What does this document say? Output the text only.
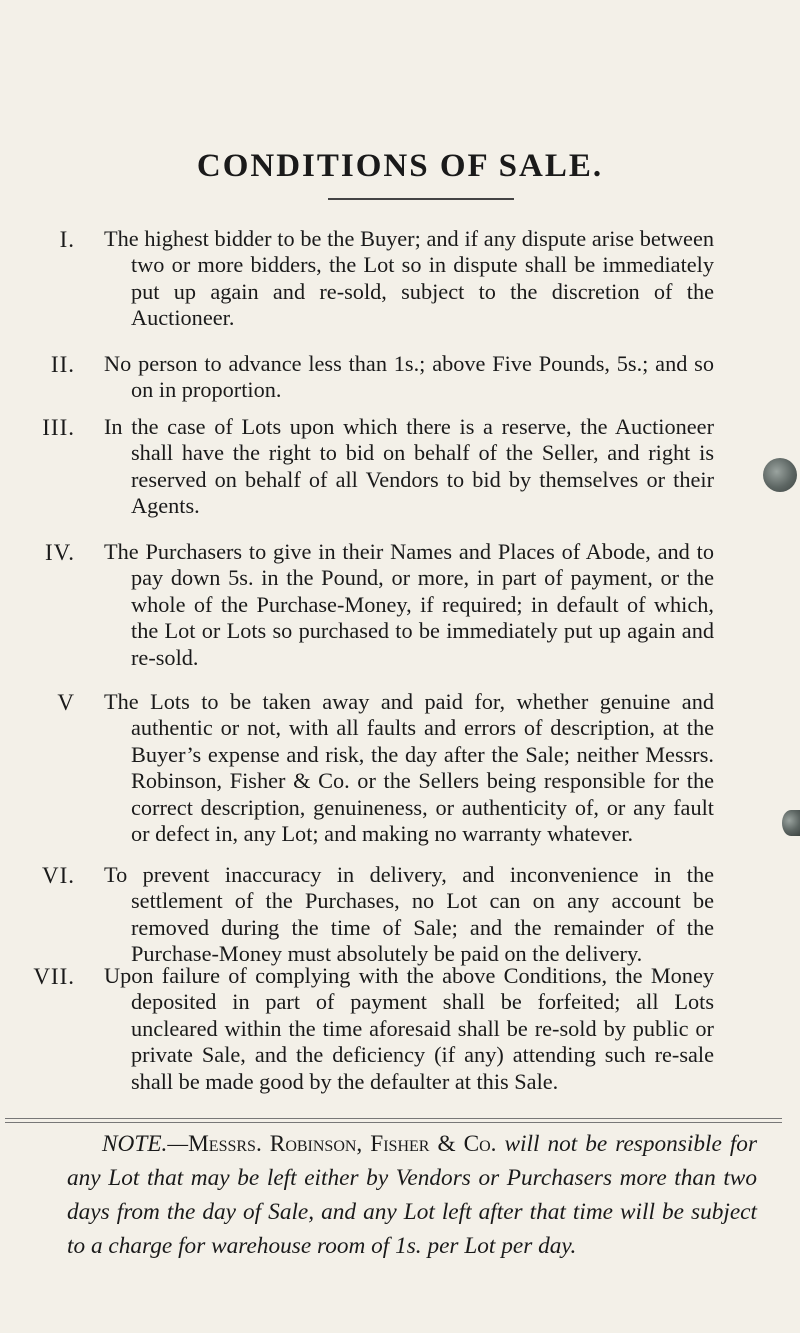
CONDITIONS OF SALE.
I. The highest bidder to be the Buyer; and if any dispute arise between two or more bidders, the Lot so in dispute shall be immediately put up again and re-sold, subject to the discretion of the Auctioneer.
II. No person to advance less than 1s.; above Five Pounds, 5s.; and so on in proportion.
III. In the case of Lots upon which there is a reserve, the Auctioneer shall have the right to bid on behalf of the Seller, and right is reserved on behalf of all Vendors to bid by themselves or their Agents.
IV. The Purchasers to give in their Names and Places of Abode, and to pay down 5s. in the Pound, or more, in part of payment, or the whole of the Purchase-Money, if required; in default of which, the Lot or Lots so purchased to be immediately put up again and re-sold.
V The Lots to be taken away and paid for, whether genuine and authentic or not, with all faults and errors of description, at the Buyer’s expense and risk, the day after the Sale; neither Messrs. Robinson, Fisher & Co. or the Sellers being responsible for the correct description, genuineness, or authenticity of, or any fault or defect in, any Lot; and making no warranty whatever.
VI. To prevent inaccuracy in delivery, and inconvenience in the settlement of the Purchases, no Lot can on any account be removed during the time of Sale; and the remainder of the Purchase-Money must absolutely be paid on the delivery.
VII. Upon failure of complying with the above Conditions, the Money deposited in part of payment shall be forfeited; all Lots uncleared within the time aforesaid shall be re-sold by public or private Sale, and the deficiency (if any) attending such re-sale shall be made good by the defaulter at this Sale.
NOTE.—Messrs. Robinson, Fisher & Co. will not be responsible for any Lot that may be left either by Vendors or Purchasers more than two days from the day of Sale, and any Lot left after that time will be subject to a charge for warehouse room of 1s. per Lot per day.
